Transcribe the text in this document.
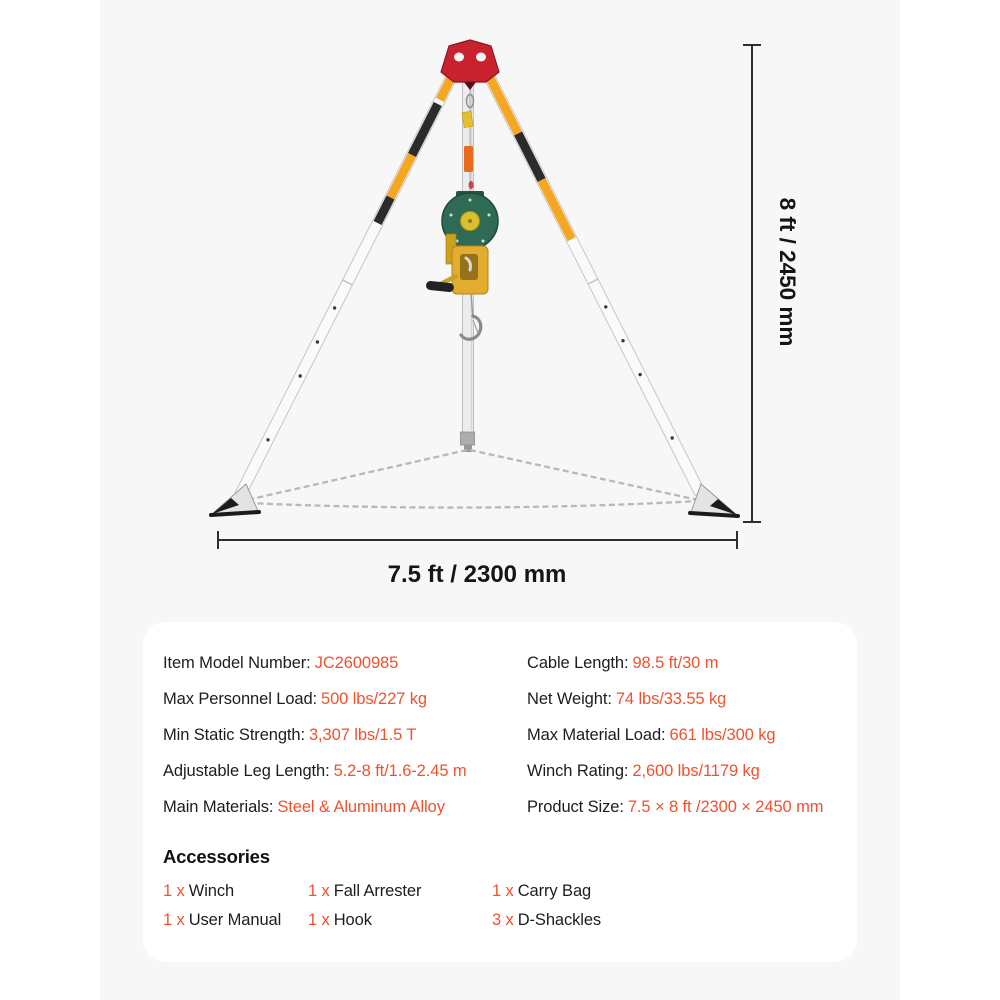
8 ft / 2450 mm
7.5 ft / 2300 mm
Item Model Number: JC2600985
Max Personnel Load: 500 lbs/227 kg
Min Static Strength: 3,307 lbs/1.5 T
Adjustable Leg Length: 5.2-8 ft/1.6-2.45 m
Main Materials: Steel & Aluminum Alloy
Cable Length: 98.5 ft/30 m
Net Weight: 74 lbs/33.55 kg
Max Material Load: 661 lbs/300 kg
Winch Rating: 2,600 lbs/1179 kg
Product Size: 7.5 × 8 ft /2300 × 2450 mm
Accessories
1 x Winch	1 x Fall Arrester	1 x Carry Bag
1 x User Manual	1 x Hook	3 x D-Shackles
